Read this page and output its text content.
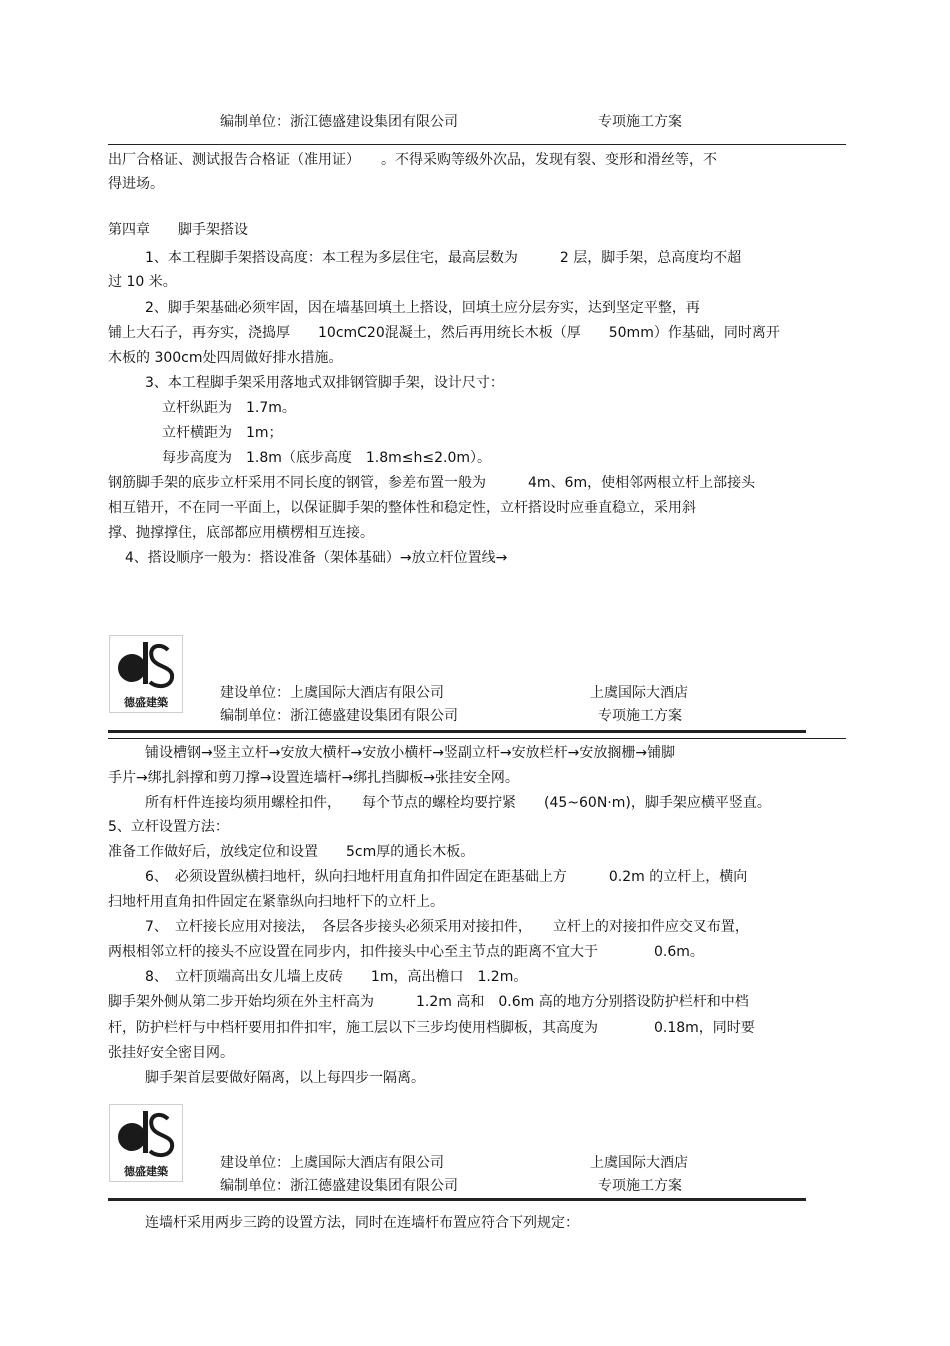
编制单位：浙江德盛建设集团有限公司	专项施工方案
出厂合格证、测试报告合格证（准用证）　　。不得采购等级外次品，发现有裂、变形和滑丝等，不
得进场。
第四章　　脚手架搭设
1、本工程脚手架搭设高度：本工程为多层住宅，最高层数为　　　2 层，脚手架，总高度均不超
过 10 米。
2、脚手架基础必须牢固，因在墙基回填土上搭设，回填土应分层夯实，达到坚定平整，再
铺上大石子，再夯实，浇捣厚　　10cmC20混凝土，然后再用统长木板（厚　　50mm）作基础，同时离开
木板的 300cm处四周做好排水措施。
3、本工程脚手架采用落地式双排钢管脚手架，设计尺寸：
立杆纵距为　1.7m。
立杆横距为　1m；
每步高度为　1.8m（底步高度　1.8m≤h≤2.0m）。
钢筋脚手架的底步立杆采用不同长度的钢管，参差布置一般为　　　4m、6m，使相邻两根立杆上部接头
相互错开，不在同一平面上，以保证脚手架的整体性和稳定性，立杆搭设时应垂直稳立，采用斜
撑、抛撑撑住，底部都应用横楞相互连接。
4、搭设顺序一般为：搭设准备（架体基础）→放立杆位置线→
德盛建築
建设单位：上虞国际大酒店有限公司	上虞国际大酒店
编制单位：浙江德盛建设集团有限公司	专项施工方案
铺设槽钢→竖主立杆→安放大横杆→安放小横杆→竖副立杆→安放栏杆→安放搁栅→铺脚
手片→绑扎斜撑和剪刀撑→设置连墙杆→绑扎挡脚板→张挂安全网。
所有杆件连接均须用螺栓扣件，　　每个节点的螺栓均要拧紧　　(45~60N·m)，脚手架应横平竖直。
5、立杆设置方法：
准备工作做好后，放线定位和设置　　5cm厚的通长木板。
6、　必须设置纵横扫地杆，纵向扫地杆用直角扣件固定在距基础上方　　　0.2m 的立杆上，横向
扫地杆用直角扣件固定在紧靠纵向扫地杆下的立杆上。
7、　立杆接长应用对接法，　各层各步接头必须采用对接扣件，　　立杆上的对接扣件应交叉布置，
两根相邻立杆的接头不应设置在同步内，扣件接头中心至主节点的距离不宜大于　　　　0.6m。
8、　立杆顶端高出女儿墙上皮砖　　1m，高出檐口　1.2m。
脚手架外侧从第二步开始均须在外主杆高为　　　1.2m 高和　0.6m 高的地方分别搭设防护栏杆和中档
杆，防护栏杆与中档杆要用扣件扣牢，施工层以下三步均使用档脚板，其高度为　　　　0.18m，同时要
张挂好安全密目网。
脚手架首层要做好隔离，以上每四步一隔离。
德盛建築
建设单位：上虞国际大酒店有限公司	上虞国际大酒店
编制单位：浙江德盛建设集团有限公司	专项施工方案
连墙杆采用两步三跨的设置方法，同时在连墙杆布置应符合下列规定：
